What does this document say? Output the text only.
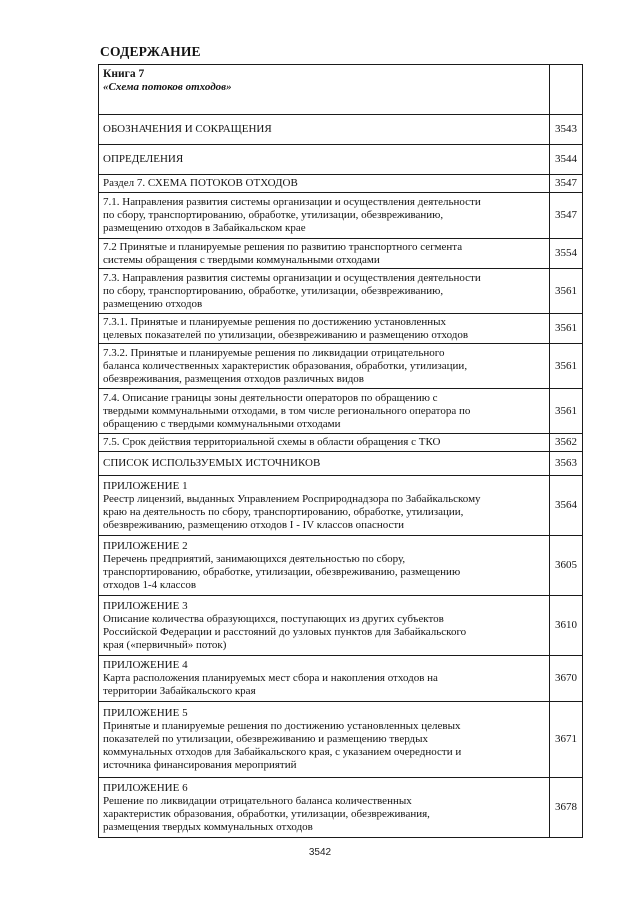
СОДЕРЖАНИЕ
Книга 7
«Схема потоков отходов»	

ОБОЗНАЧЕНИЯ И СОКРАЩЕНИЯ	3543

ОПРЕДЕЛЕНИЯ	3544

Раздел 7. СХЕМА ПОТОКОВ ОТХОДОВ	3547

7.1. Направления развития системы организации и осуществления деятельности
по сбору, транспортированию, обработке, утилизации, обезвреживанию,
размещению отходов в Забайкальском крае	3547

7.2 Принятые и планируемые решения по развитию транспортного сегмента
системы обращения с твердыми коммунальными отходами	3554

7.3. Направления развития системы организации и осуществления деятельности
по сбору, транспортированию, обработке, утилизации, обезвреживанию,
размещению отходов	3561

7.3.1. Принятые и планируемые решения по достижению установленных
целевых показателей по утилизации, обезвреживанию и размещению отходов	3561

7.3.2. Принятые и планируемые решения по ликвидации отрицательного
баланса количественных характеристик образования, обработки, утилизации,
обезвреживания, размещения отходов различных видов	3561

7.4. Описание границы зоны деятельности операторов по обращению с
твердыми коммунальными отходами, в том числе регионального оператора по
обращению с твердыми коммунальными отходами	3561

7.5. Срок действия территориальной схемы в области обращения с ТКО	3562

СПИСОК ИСПОЛЬЗУЕМЫХ ИСТОЧНИКОВ	3563

ПРИЛОЖЕНИЕ 1
Реестр лицензий, выданных Управлением Росприроднадзора по Забайкальскому
краю на деятельность по сбору, транспортированию, обработке, утилизации,
обезвреживанию, размещению отходов I - IV классов опасности	3564

ПРИЛОЖЕНИЕ 2
Перечень предприятий, занимающихся деятельностью по сбору,
транспортированию, обработке, утилизации, обезвреживанию, размещению
отходов 1-4 классов	3605

ПРИЛОЖЕНИЕ 3
Описание количества образующихся, поступающих из других субъектов
Российской Федерации и расстояний до узловых пунктов для Забайкальского
края («первичный» поток)	3610

ПРИЛОЖЕНИЕ 4
Карта расположения планируемых мест сбора и накопления отходов на
территории Забайкальского края	3670

ПРИЛОЖЕНИЕ 5
Принятые и планируемые решения по достижению установленных целевых
показателей по утилизации, обезвреживанию и размещению твердых
коммунальных отходов для Забайкальского края, с указанием очередности и
источника финансирования мероприятий	3671

ПРИЛОЖЕНИЕ 6
Решение по ликвидации отрицательного баланса количественных
характеристик образования, обработки, утилизации, обезвреживания,
размещения твердых коммунальных отходов	3678
3542
